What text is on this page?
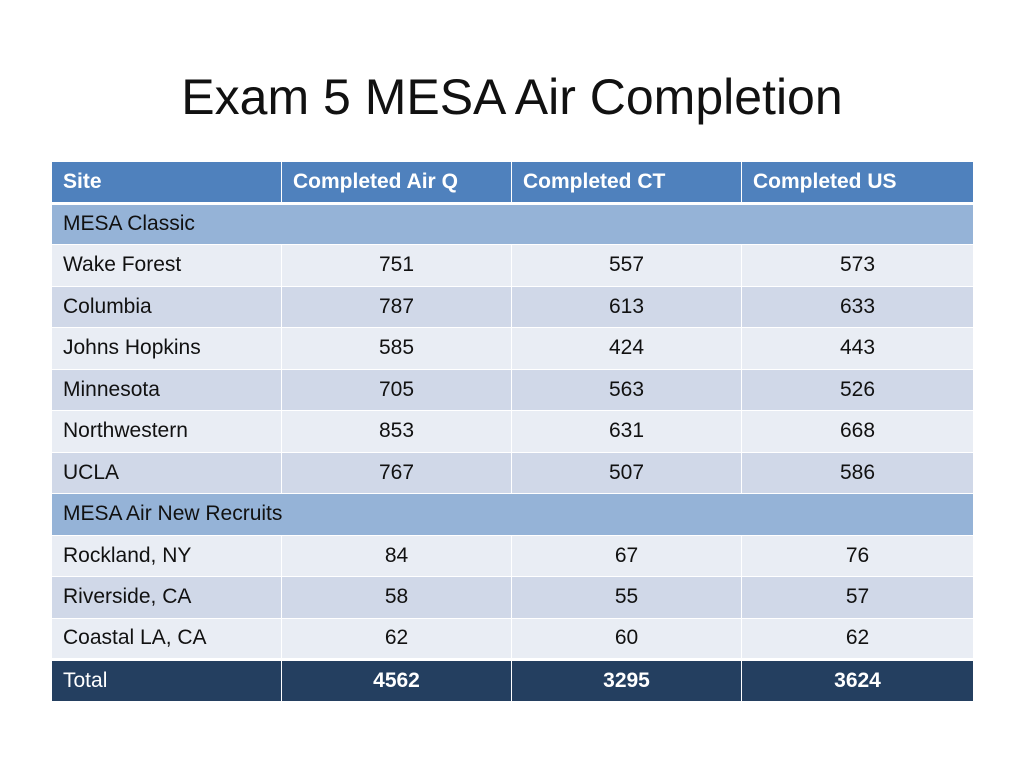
Exam 5 MESA Air Completion
Site	Completed Air Q	Completed CT	Completed US
MESA Classic			
Wake Forest	751	557	573
Columbia	787	613	633
Johns Hopkins	585	424	443
Minnesota	705	563	526
Northwestern	853	631	668
UCLA	767	507	586
MESA Air New Recruits			
Rockland, NY	84	67	76
Riverside, CA	58	55	57
Coastal LA, CA	62	60	62
Total	4562	3295	3624
